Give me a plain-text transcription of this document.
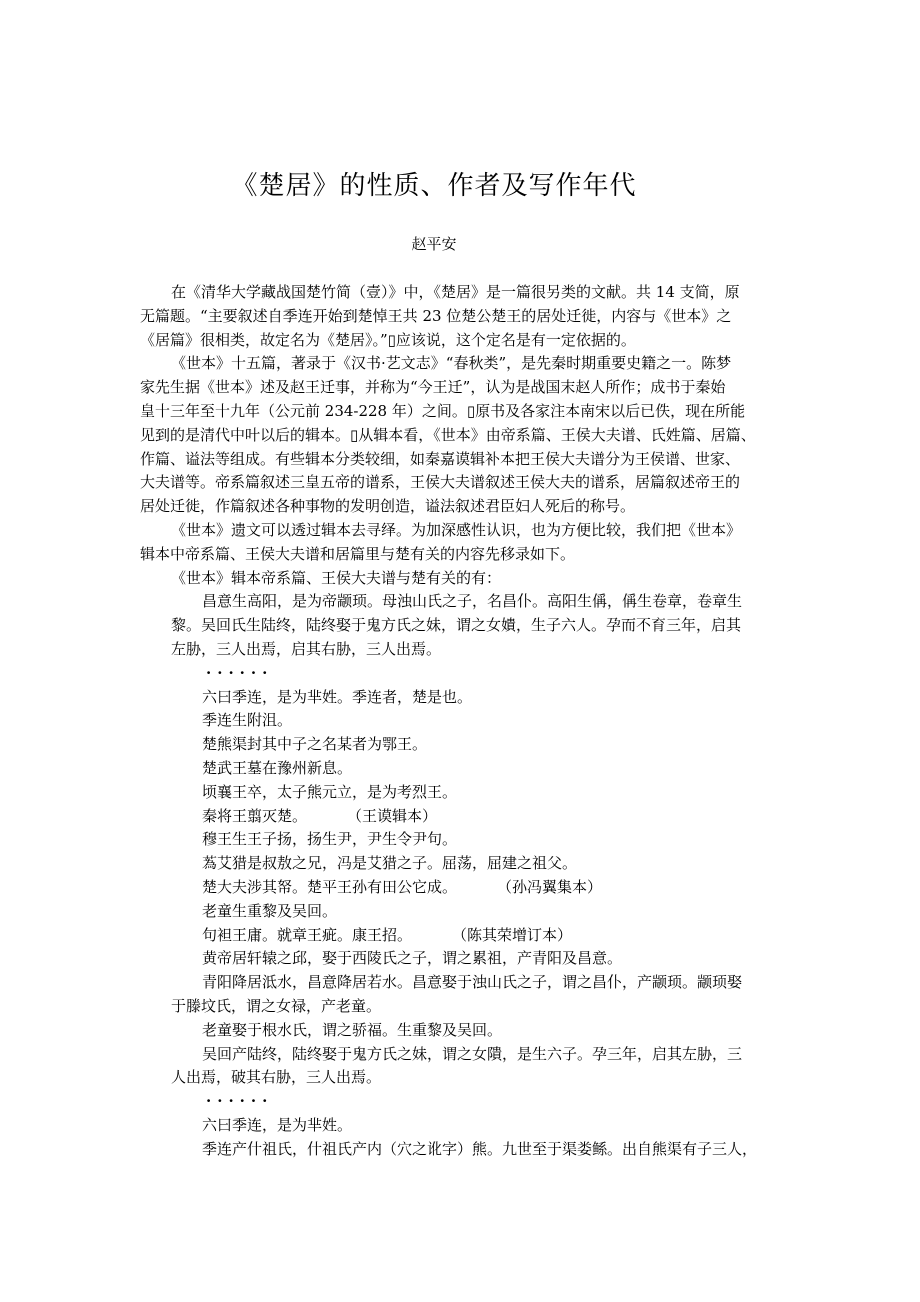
《楚居》的性质、作者及写作年代
赵平安
在《清华大学藏战国楚竹简（壹）》中，《楚居》是一篇很另类的文献。共 14 支简，原
无篇题。“主要叙述自季连开始到楚悼王共 23 位楚公楚王的居处迁徙，内容与《世本》之
《居篇》很相类，故定名为《楚居》。”▯应该说，这个定名是有一定依据的。
《世本》十五篇，著录于《汉书·艺文志》“春秋类”，是先秦时期重要史籍之一。陈梦
家先生据《世本》述及赵王迁事，并称为“今王迁”，认为是战国末赵人所作；成书于秦始
皇十三年至十九年（公元前 234-228 年）之间。▯原书及各家注本南宋以后已佚，现在所能
见到的是清代中叶以后的辑本。▯从辑本看，《世本》由帝系篇、王侯大夫谱、氏姓篇、居篇、
作篇、谥法等组成。有些辑本分类较细，如秦嘉谟辑补本把王侯大夫谱分为王侯谱、世家、
大夫谱等。帝系篇叙述三皇五帝的谱系，王侯大夫谱叙述王侯大夫的谱系，居篇叙述帝王的
居处迁徙，作篇叙述各种事物的发明创造，谥法叙述君臣妇人死后的称号。
《世本》遗文可以透过辑本去寻绎。为加深感性认识，也为方便比较，我们把《世本》
辑本中帝系篇、王侯大夫谱和居篇里与楚有关的内容先移录如下。
《世本》辑本帝系篇、王侯大夫谱与楚有关的有：
昌意生高阳，是为帝颛顼。母浊山氏之子，名昌仆。高阳生偁，偁生卷章，卷章生
黎。吴回氏生陆终，陆终娶于鬼方氏之妹，谓之女嬇，生子六人。孕而不育三年，启其
左胁，三人出焉，启其右胁，三人出焉。
······
六曰季连，是为芈姓。季连者，楚是也。
季连生附沮。
楚熊渠封其中子之名某者为鄂王。
楚武王墓在豫州新息。
顷襄王卒，太子熊元立，是为考烈王。
秦将王翦灭楚。	（王谟辑本）
穆王生王子扬，扬生尹，尹生令尹句。
蒍艾猎是叔敖之兄，冯是艾猎之子。屈荡，屈建之祖父。
楚大夫涉其帑。楚平王孙有田公它成。	（孙冯翼集本）
老童生重黎及吴回。
句袒王庸。就章王疵。康王招。	（陈其荣增订本）
黄帝居轩辕之邱，娶于西陵氏之子，谓之累祖，产青阳及昌意。
青阳降居泜水，昌意降居若水。昌意娶于浊山氏之子，谓之昌仆，产颛顼。颛顼娶
于滕坟氏，谓之女禄，产老童。
老童娶于根水氏，谓之骄福。生重黎及吴回。
吴回产陆终，陆终娶于鬼方氏之妹，谓之女隤，是生六子。孕三年，启其左胁，三
人出焉，破其右胁，三人出焉。
······
六曰季连，是为芈姓。
季连产什祖氏，什祖氏产内（穴之讹字）熊。九世至于渠娄鲧。出自熊渠有子三人，
